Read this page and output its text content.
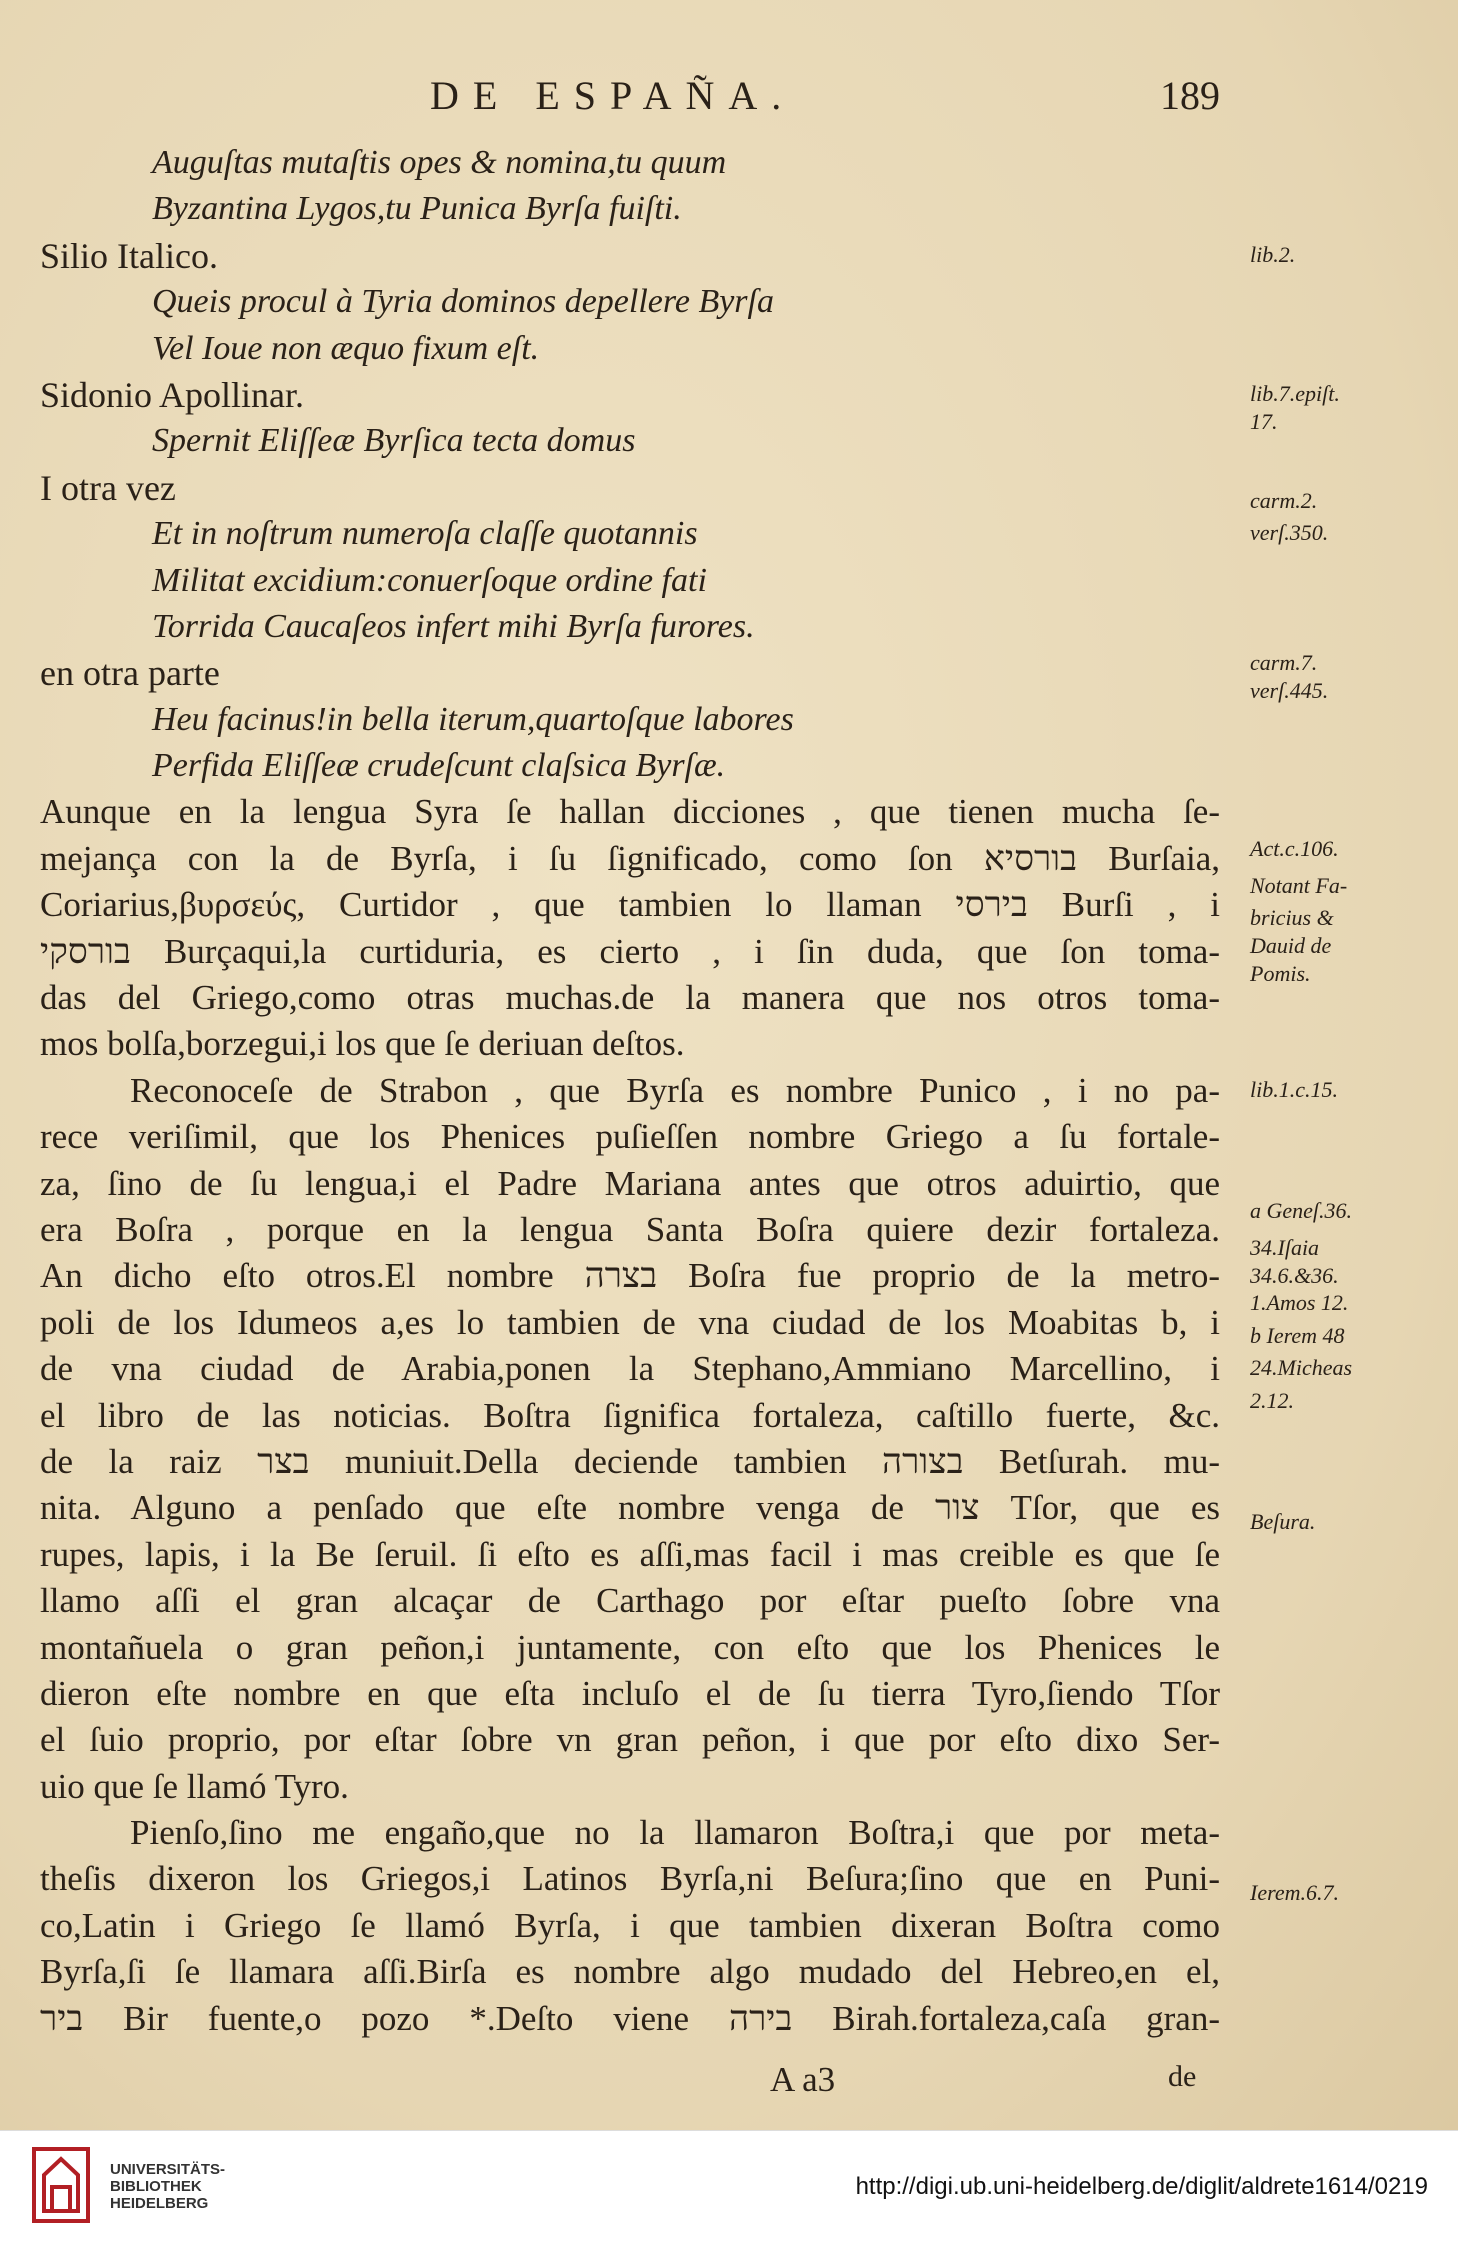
DE ESPAÑA.	189
Auguſtas mutaſtis opes & nomina,tu quum
Byzantina Lygos,tu Punica Byrſa fuiſti.
Silio Italico.
Queis procul à Tyria dominos depellere Byrſa
Vel Ioue non æquo fixum eſt.
Sidonio Apollinar.
Spernit Eliſſeæ Byrſica tecta domus
I otra vez
Et in noſtrum numeroſa claſſe quotannis
Militat excidium:conuerſoque ordine fati
Torrida Caucaſeos infert mihi Byrſa furores.
en otra parte
Heu facinus!in bella iterum,quartoſque labores
Perfida Eliſſeæ crudeſcunt claſsica Byrſæ.
Aunque en la lengua Syra ſe hallan dicciones , que tienen mucha ſe-
mejança con la de Byrſa, i ſu ſignificado, como ſon בורסיא Burſaia,
Coriarius,βυρσεύς, Curtidor , que tambien lo llaman בירסי Burſi , i
בורסקי Burçaqui,la curtiduria, es cierto , i ſin duda, que ſon toma-
das del Griego,como otras muchas.de la manera que nos otros toma-
mos bolſa,borzegui,i los que ſe deriuan deſtos.
Reconoceſe de Strabon , que Byrſa es nombre Punico , i no pa-
rece veriſimil, que los Phenices puſieſſen nombre Griego a ſu fortale-
za, ſino de ſu lengua,i el Padre Mariana antes que otros aduirtio, que
era Boſra , porque en la lengua Santa Boſra quiere dezir fortaleza.
An dicho eſto otros.El nombre בצרה Boſra fue proprio de la metro-
poli de los Idumeos a,es lo tambien de vna ciudad de los Moabitas b, i
de vna ciudad de Arabia,ponen la Stephano,Ammiano Marcellino, i
el libro de las noticias. Boſtra ſignifica fortaleza, caſtillo fuerte, &c.
de la raiz בצר muniuit.Della deciende tambien בצורה Betſurah. mu-
nita. Alguno a penſado que eſte nombre venga de צור Tſor, que es
rupes, lapis, i la Be ſeruil. ſi eſto es aſſi,mas facil i mas creible es que ſe
llamo aſſi el gran alcaçar de Carthago por eſtar pueſto ſobre vna
montañuela o gran peñon,i juntamente, con eſto que los Phenices le
dieron eſte nombre en que eſta incluſo el de ſu tierra Tyro,ſiendo Tſor
el ſuio proprio, por eſtar ſobre vn gran peñon, i que por eſto dixo Ser-
uio que ſe llamó Tyro.
Pienſo,ſino me engaño,que no la llamaron Boſtra,i que por meta-
theſis dixeron los Griegos,i Latinos Byrſa,ni Beſura;ſino que en Puni-
co,Latin i Griego ſe llamó Byrſa, i que tambien dixeran Boſtra como
Byrſa,ſi ſe llamara aſſi.Birſa es nombre algo mudado del Hebreo,en el,
ביר Bir fuente,o pozo *.Deſto viene בירה Birah.fortaleza,caſa gran-
lib.2.
lib.7.epiſt.
17.
carm.2.
verſ.350.
carm.7.
verſ.445.
Act.c.106.
Notant Fa-
bricius &
Dauid de
Pomis.
lib.1.c.15.
a Geneſ.36.
34.Iſaia
34.6.&36.
1.Amos 12.
b Ierem 48
24.Micheas
2.12.
Beſura.
Ierem.6.7.
A a3	de
UNIVERSITÄTS-
BIBLIOTHEK
HEIDELBERG
http://digi.ub.uni-heidelberg.de/diglit/aldrete1614/0219
